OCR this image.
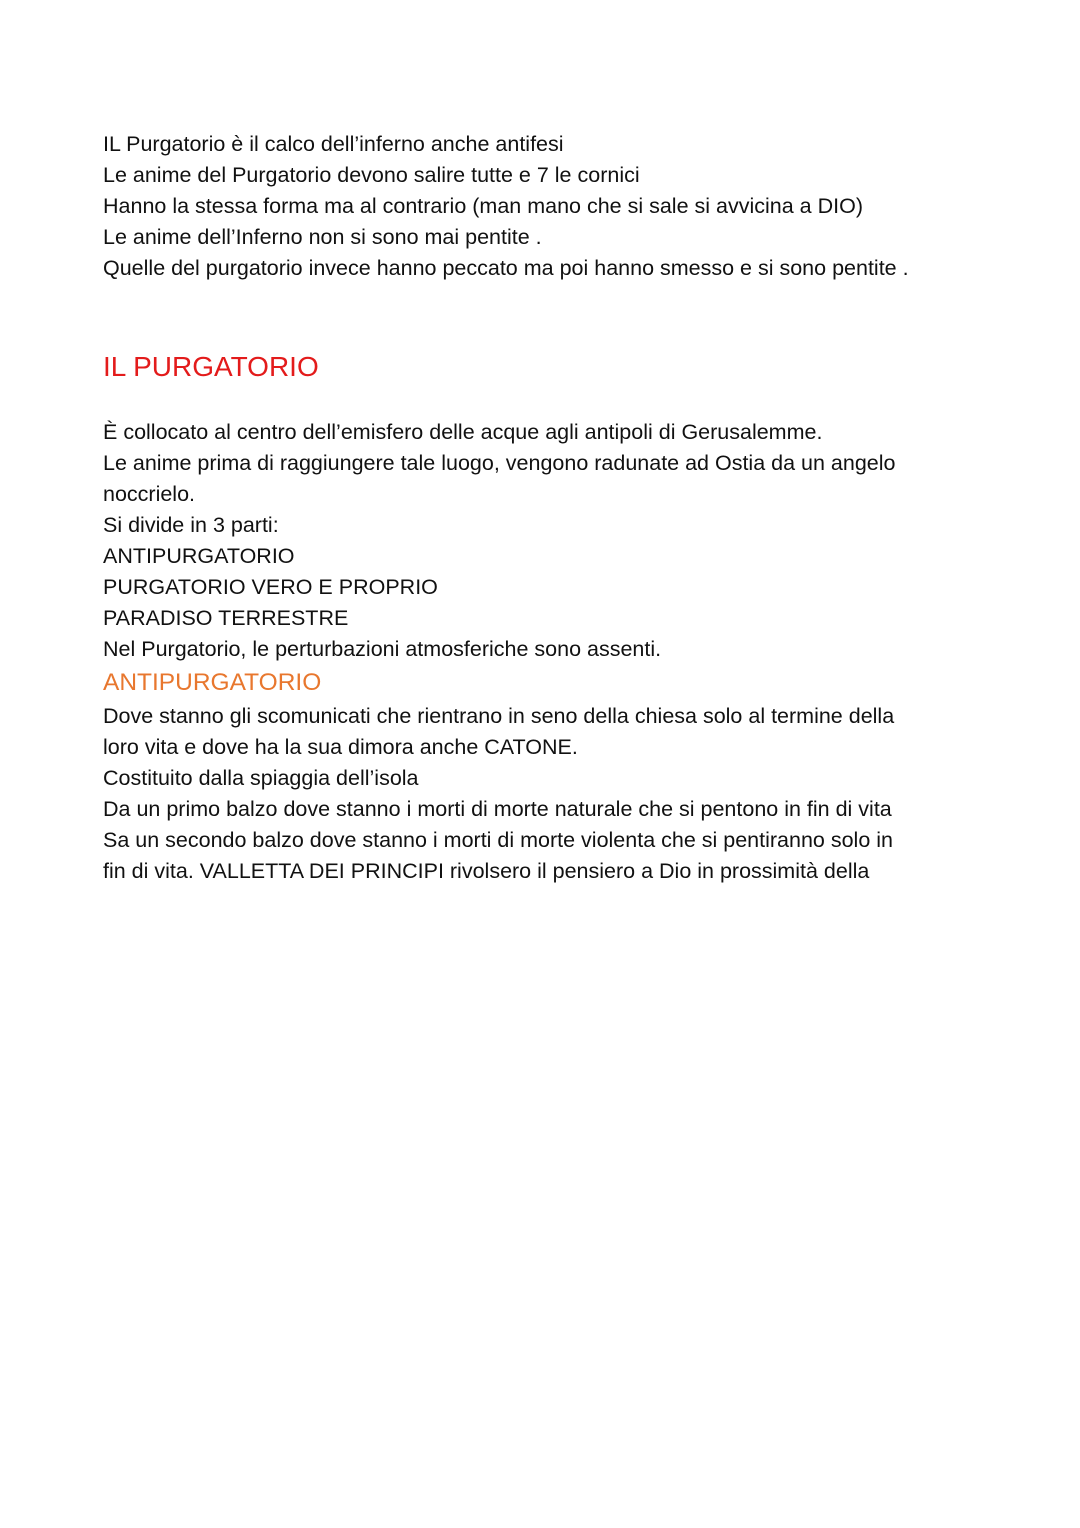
IL Purgatorio è il calco dell’inferno anche antifesi
Le anime del Purgatorio devono salire tutte e 7 le cornici
Hanno la stessa forma ma al contrario (man mano che si sale si avvicina a DIO)
Le anime dell’Inferno non si sono mai pentite .
Quelle del purgatorio invece hanno peccato ma poi hanno smesso e si sono pentite .
IL PURGATORIO
È collocato al centro dell’emisfero delle acque agli antipoli di Gerusalemme.
Le anime prima di raggiungere tale luogo, vengono radunate ad Ostia da un angelo
noccrielo.
Si divide in 3 parti:
ANTIPURGATORIO
PURGATORIO VERO E PROPRIO
PARADISO TERRESTRE
Nel Purgatorio, le perturbazioni atmosferiche sono assenti.
ANTIPURGATORIO
Dove stanno gli scomunicati che rientrano in seno della chiesa solo al termine della
loro vita e dove ha la sua dimora anche CATONE.
Costituito dalla spiaggia dell’isola
Da un primo balzo dove stanno i morti di morte naturale che si pentono in fin di vita
Sa un secondo balzo dove stanno i morti di morte violenta che si pentiranno solo in
fin di vita. VALLETTA DEI PRINCIPI rivolsero il pensiero a Dio in prossimità della
